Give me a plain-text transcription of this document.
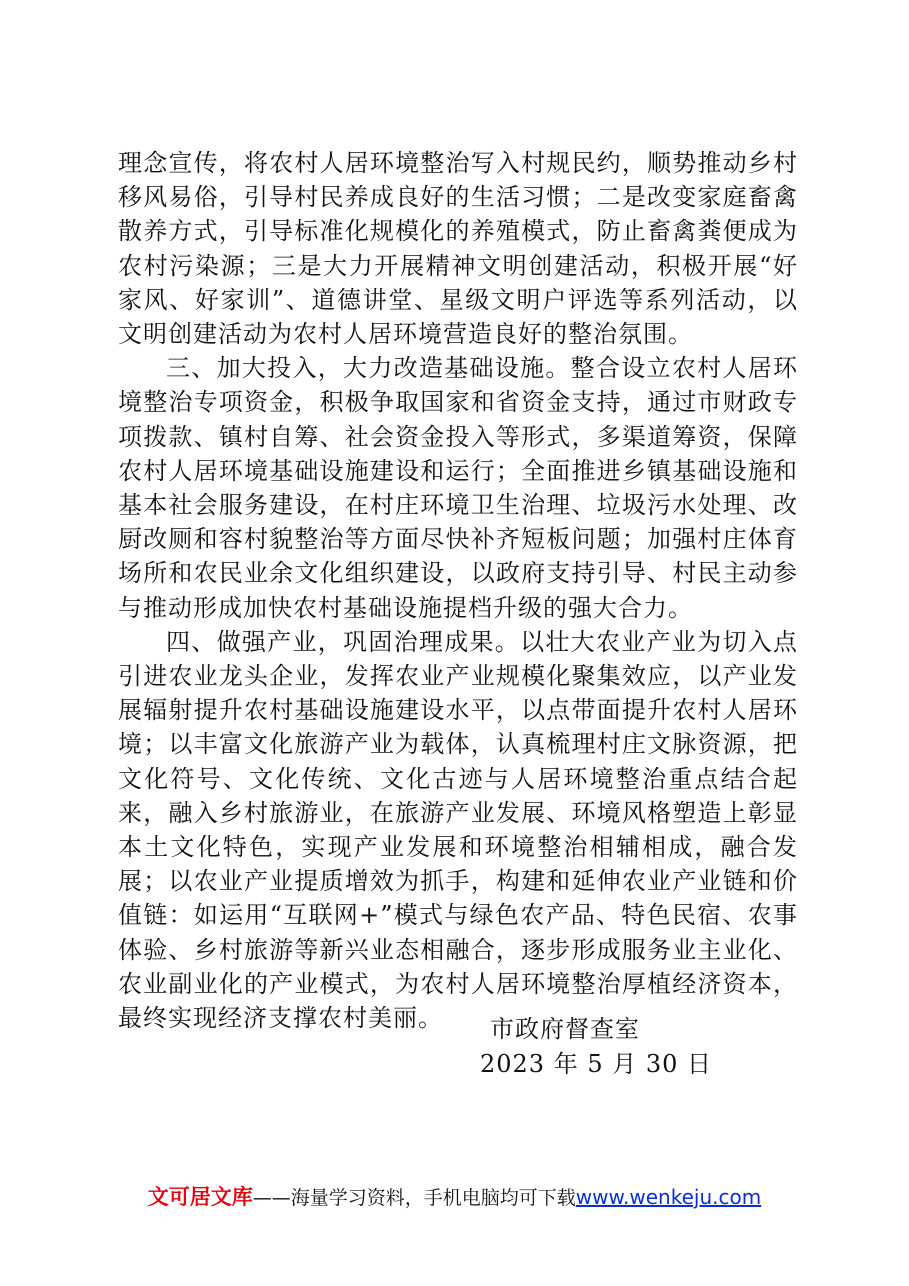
理念宣传，将农村人居环境整治写入村规民约，顺势推动乡村移风易俗，引导村民养成良好的生活习惯；二是改变家庭畜禽散养方式，引导标准化规模化的养殖模式，防止畜禽粪便成为农村污染源；三是大力开展精神文明创建活动，积极开展“好家风、好家训”、道德讲堂、星级文明户评选等系列活动，以文明创建活动为农村人居环境营造良好的整治氛围。

三、加大投入，大力改造基础设施。整合设立农村人居环境整治专项资金，积极争取国家和省资金支持，通过市财政专项拨款、镇村自筹、社会资金投入等形式，多渠道筹资，保障农村人居环境基础设施建设和运行；全面推进乡镇基础设施和基本社会服务建设，在村庄环境卫生治理、垃圾污水处理、改厨改厕和容村貌整治等方面尽快补齐短板问题；加强村庄体育场所和农民业余文化组织建设，以政府支持引导、村民主动参与推动形成加快农村基础设施提档升级的强大合力。

四、做强产业，巩固治理成果。以壮大农业产业为切入点引进农业龙头企业，发挥农业产业规模化聚集效应，以产业发展辐射提升农村基础设施建设水平，以点带面提升农村人居环境；以丰富文化旅游产业为载体，认真梳理村庄文脉资源，把文化符号、文化传统、文化古迹与人居环境整治重点结合起来，融入乡村旅游业，在旅游产业发展、环境风格塑造上彰显本土文化特色，实现产业发展和环境整治相辅相成，融合发展；以农业产业提质增效为抓手，构建和延伸农业产业链和价值链：如运用“互联网+”模式与绿色农产品、特色民宿、农事体验、乡村旅游等新兴业态相融合，逐步形成服务业主业化、农业副业化的产业模式，为农村人居环境整治厚植经济资本，最终实现经济支撑农村美丽。	市政府督查室
2023 年 5 月 30 日
文可居文库——海量学习资料，手机电脑均可下载www.wenkeju.com
